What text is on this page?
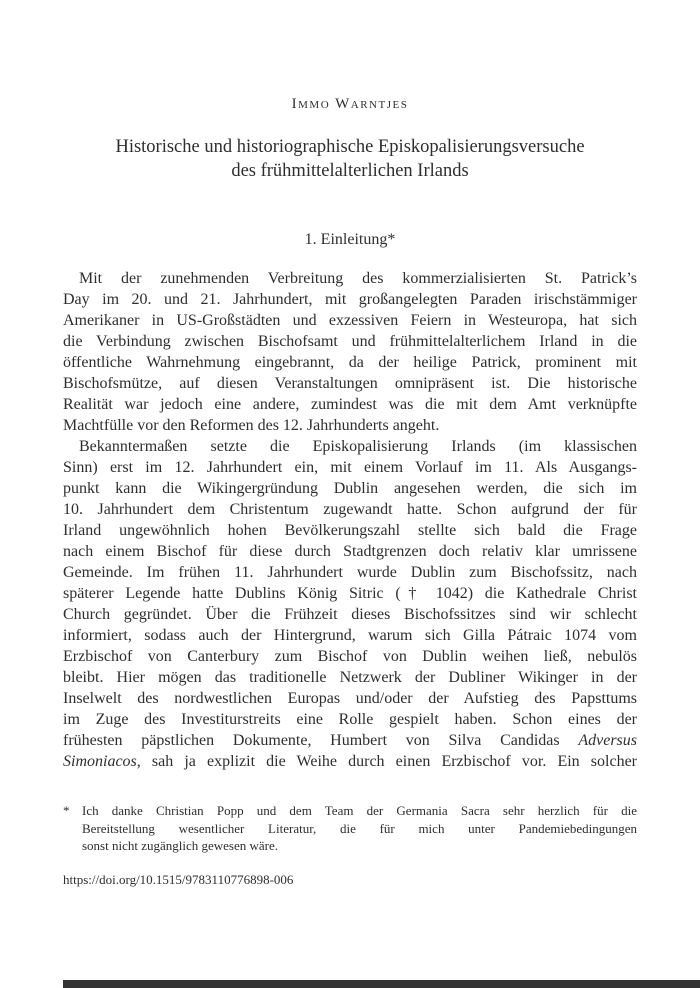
Immo Warntjes
Historische und historiographische Episkopalisierungsversuche
des frühmittelalterlichen Irlands
1. Einleitung*
Mit der zunehmenden Verbreitung des kommerzialisierten St. Patrick’s
Day im 20. und 21. Jahrhundert, mit großangelegten Paraden irischstämmiger
Amerikaner in US-Großstädten und exzessiven Feiern in Westeuropa, hat sich
die Verbindung zwischen Bischofsamt und frühmittelalterlichem Irland in die
öffentliche Wahrnehmung eingebrannt, da der heilige Patrick, prominent mit
Bischofsmütze, auf diesen Veranstaltungen omnipräsent ist. Die historische
Realität war jedoch eine andere, zumindest was die mit dem Amt verknüpfte
Machtfülle vor den Reformen des 12. Jahrhunderts angeht.
Bekanntermaßen setzte die Episkopalisierung Irlands (im klassischen
Sinn) erst im 12. Jahrhundert ein, mit einem Vorlauf im 11. Als Ausgangs-
punkt kann die Wikingergründung Dublin angesehen werden, die sich im
10. Jahrhundert dem Christentum zugewandt hatte. Schon aufgrund der für
Irland ungewöhnlich hohen Bevölkerungszahl stellte sich bald die Frage
nach einem Bischof für diese durch Stadtgrenzen doch relativ klar umrissene
Gemeinde. Im frühen 11. Jahrhundert wurde Dublin zum Bischofssitz, nach
späterer Legende hatte Dublins König Sitric († 1042) die Kathedrale Christ
Church gegründet. Über die Frühzeit dieses Bischofssitzes sind wir schlecht
informiert, sodass auch der Hintergrund, warum sich Gilla Pátraic 1074 vom
Erzbischof von Canterbury zum Bischof von Dublin weihen ließ, nebulös
bleibt. Hier mögen das traditionelle Netzwerk der Dubliner Wikinger in der
Inselwelt des nordwestlichen Europas und/oder der Aufstieg des Papsttums
im Zuge des Investiturstreits eine Rolle gespielt haben. Schon eines der
frühesten päpstlichen Dokumente, Humbert von Silva Candidas Adversus
Simoniacos, sah ja explizit die Weihe durch einen Erzbischof vor. Ein solcher
* Ich danke Christian Popp und dem Team der Germania Sacra sehr herzlich für die
Bereitstellung wesentlicher Literatur, die für mich unter Pandemiebedingungen
sonst nicht zugänglich gewesen wäre.
https://doi.org/10.1515/9783110776898-006
